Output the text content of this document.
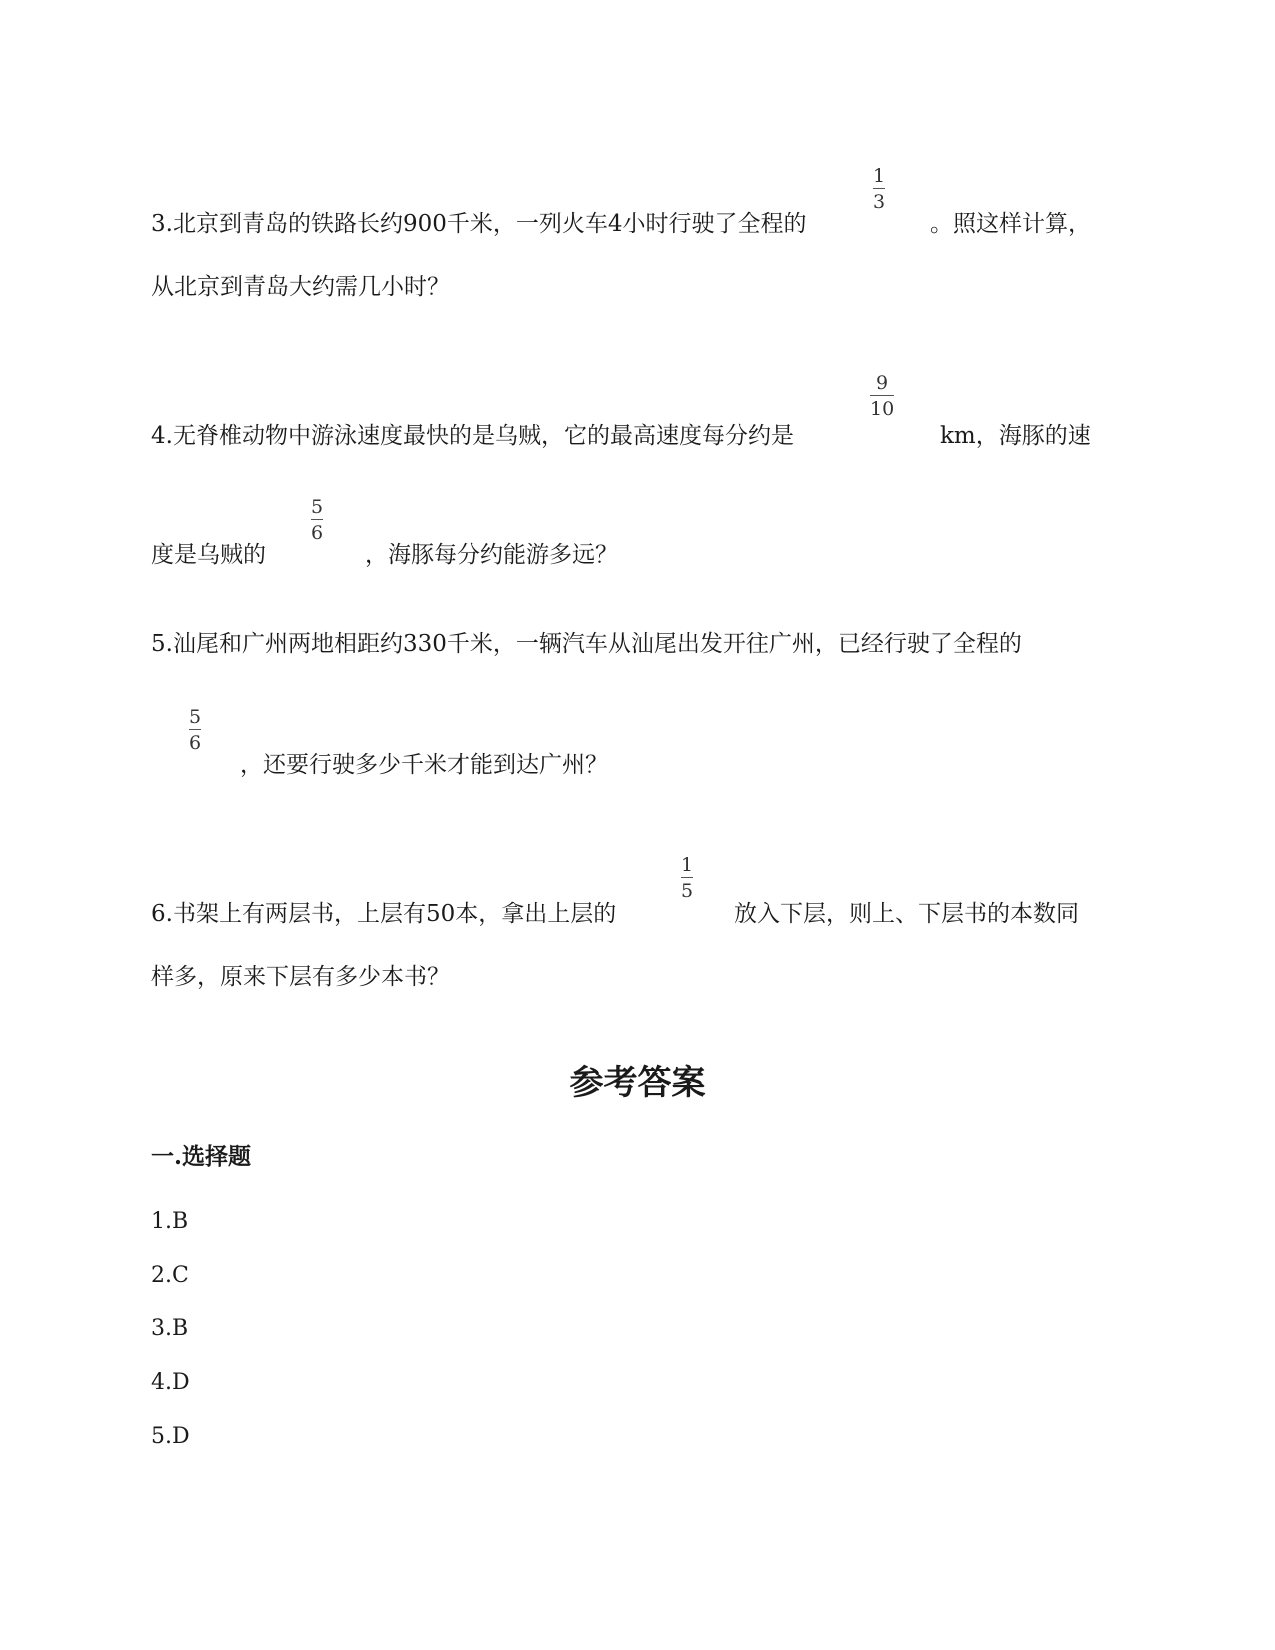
3.北京到青岛的铁路长约900千米，一列火车4小时行驶了全程的
1
3
。照这样计算，
从北京到青岛大约需几小时？
4.无脊椎动物中游泳速度最快的是乌贼，它的最高速度每分约是
9
10
km，海豚的速
度是乌贼的
5
6
，海豚每分约能游多远？
5.汕尾和广州两地相距约330千米，一辆汽车从汕尾出发开往广州，已经行驶了全程的
5
6
，还要行驶多少千米才能到达广州？
6.书架上有两层书，上层有50本，拿出上层的
1
5
放入下层，则上、下层书的本数同
样多，原来下层有多少本书？
参考答案
一.选择题
1.B
2.C
3.B
4.D
5.D
